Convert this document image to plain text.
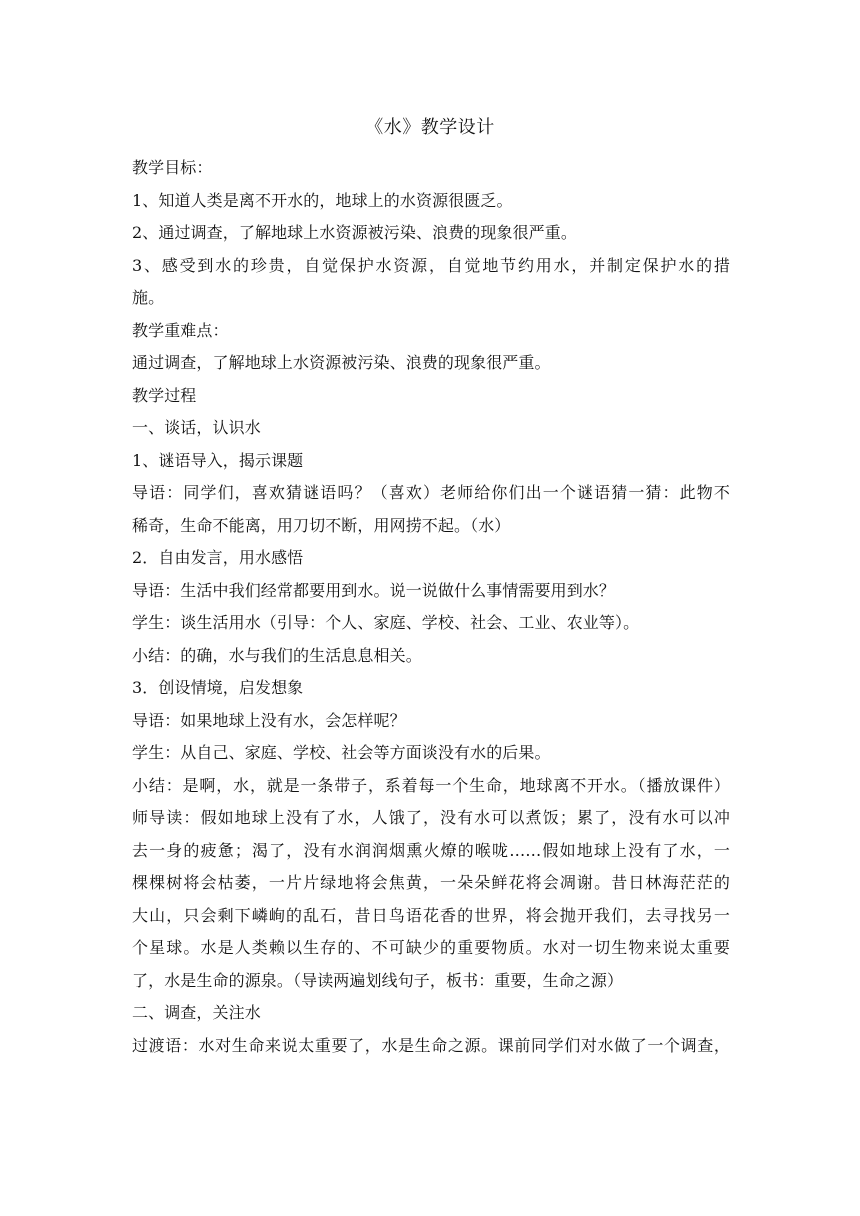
《水》教学设计
教学目标：
1、知道人类是离不开水的，地球上的水资源很匮乏。
2、通过调查，了解地球上水资源被污染、浪费的现象很严重。
3、感受到水的珍贵，自觉保护水资源，自觉地节约用水，并制定保护水的措
施。
教学重难点：
通过调查，了解地球上水资源被污染、浪费的现象很严重。
教学过程
一、谈话，认识水
1、谜语导入，揭示课题
导语：同学们，喜欢猜谜语吗？（喜欢）老师给你们出一个谜语猜一猜：此物不
稀奇，生命不能离，用刀切不断，用网捞不起。（水）
2．自由发言，用水感悟
导语：生活中我们经常都要用到水。说一说做什么事情需要用到水？
学生：谈生活用水（引导：个人、家庭、学校、社会、工业、农业等）。
小结：的确，水与我们的生活息息相关。
3．创设情境，启发想象
导语：如果地球上没有水，会怎样呢？
学生：从自己、家庭、学校、社会等方面谈没有水的后果。
小结：是啊，水，就是一条带子，系着每一个生命，地球离不开水。（播放课件）
师导读：假如地球上没有了水，人饿了，没有水可以煮饭；累了，没有水可以冲
去一身的疲惫；渴了，没有水润润烟熏火燎的喉咙……假如地球上没有了水，一
棵棵树将会枯萎，一片片绿地将会焦黄，一朵朵鲜花将会凋谢。昔日林海茫茫的
大山，只会剩下嶙峋的乱石，昔日鸟语花香的世界，将会抛开我们，去寻找另一
个星球。水是人类赖以生存的、不可缺少的重要物质。水对一切生物来说太重要
了，水是生命的源泉。（导读两遍划线句子，板书：重要，生命之源）
二、调查，关注水
过渡语：水对生命来说太重要了，水是生命之源。课前同学们对水做了一个调查，
